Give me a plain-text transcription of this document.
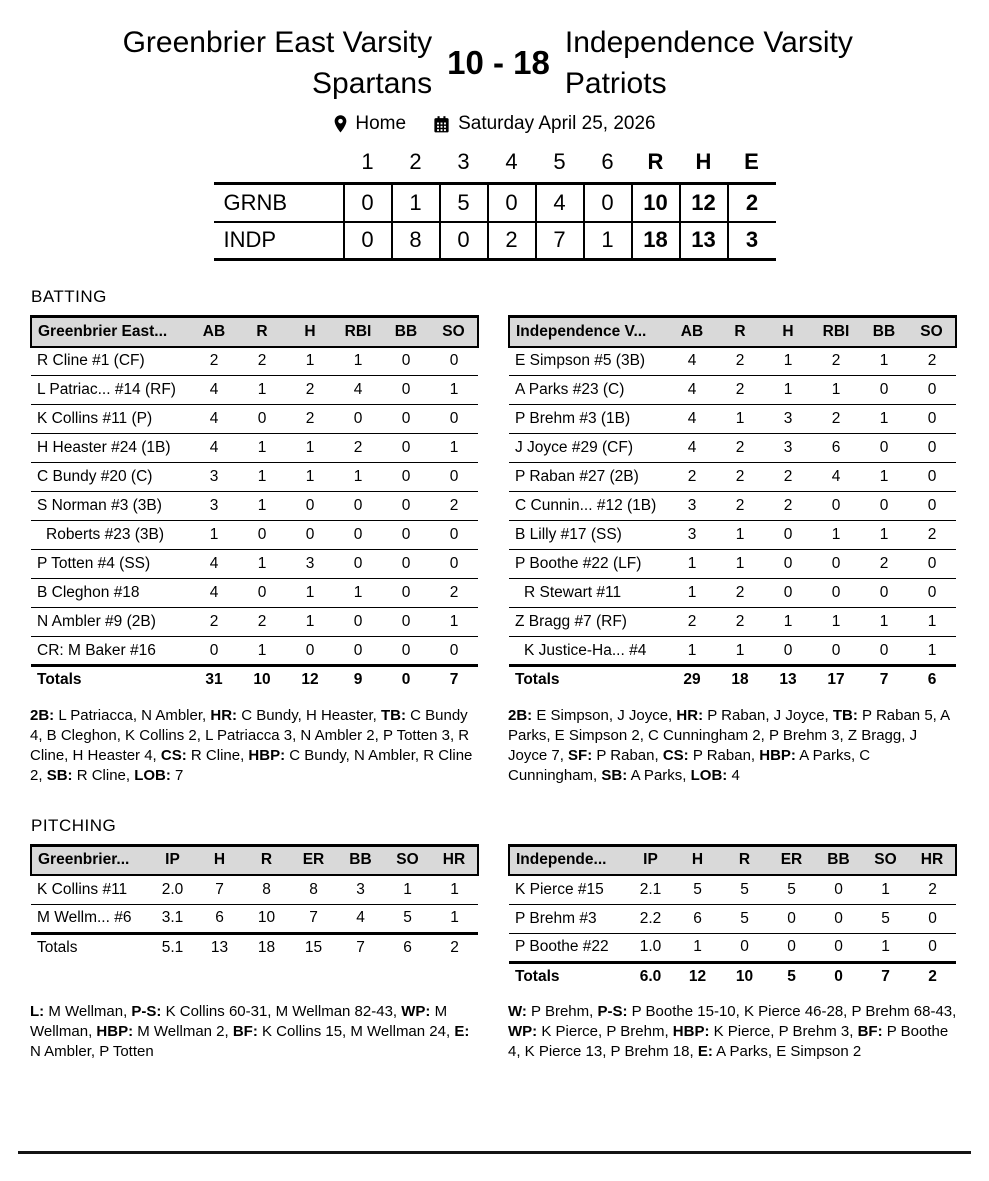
Greenbrier East Varsity Spartans
10 - 18
Independence Varsity Patriots
Home	Saturday April 25, 2026
	1	2	3	4	5	6	R	H	E
GRNB	0	1	5	0	4	0	10	12	2
INDP	0	8	0	2	7	1	18	13	3
BATTING
Greenbrier East...	AB	R	H	RBI	BB	SO
R Cline #1 (CF)	2	2	1	1	0	0
L Patriac... #14 (RF)	4	1	2	4	0	1
K Collins #11 (P)	4	0	2	0	0	0
H Heaster #24 (1B)	4	1	1	2	0	1
C Bundy #20 (C)	3	1	1	1	0	0
S Norman #3 (3B)	3	1	0	0	0	2
Roberts #23 (3B)	1	0	0	0	0	0
P Totten #4 (SS)	4	1	3	0	0	0
B Cleghon #18	4	0	1	1	0	2
N Ambler #9 (2B)	2	2	1	0	0	1
CR: M Baker #16	0	1	0	0	0	0
Totals	31	10	12	9	0	7
Independence V...	AB	R	H	RBI	BB	SO
E Simpson #5 (3B)	4	2	1	2	1	2
A Parks #23 (C)	4	2	1	1	0	0
P Brehm #3 (1B)	4	1	3	2	1	0
J Joyce #29 (CF)	4	2	3	6	0	0
P Raban #27 (2B)	2	2	2	4	1	0
C Cunnin... #12 (1B)	3	2	2	0	0	0
B Lilly #17 (SS)	3	1	0	1	1	2
P Boothe #22 (LF)	1	1	0	0	2	0
R Stewart #11	1	2	0	0	0	0
Z Bragg #7 (RF)	2	2	1	1	1	1
K Justice-Ha... #4	1	1	0	0	0	1
Totals	29	18	13	17	7	6
2B: L Patriacca, N Ambler, HR: C Bundy, H Heaster, TB: C Bundy 4, B Cleghon, K Collins 2, L Patriacca 3, N Ambler 2, P Totten 3, R Cline, H Heaster 4, CS: R Cline, HBP: C Bundy, N Ambler, R Cline 2, SB: R Cline, LOB: 7
2B: E Simpson, J Joyce, HR: P Raban, J Joyce, TB: P Raban 5, A Parks, E Simpson 2, C Cunningham 2, P Brehm 3, Z Bragg, J Joyce 7, SF: P Raban, CS: P Raban, HBP: A Parks, C Cunningham, SB: A Parks, LOB: 4
PITCHING
Greenbrier...	IP	H	R	ER	BB	SO	HR
K Collins #11	2.0	7	8	8	3	1	1
M Wellm... #6	3.1	6	10	7	4	5	1
Totals	5.1	13	18	15	7	6	2
Independe...	IP	H	R	ER	BB	SO	HR
K Pierce #15	2.1	5	5	5	0	1	2
P Brehm #3	2.2	6	5	0	0	5	0
P Boothe #22	1.0	1	0	0	0	1	0
Totals	6.0	12	10	5	0	7	2
L: M Wellman, P-S: K Collins 60-31, M Wellman 82-43, WP: M Wellman, HBP: M Wellman 2, BF: K Collins 15, M Wellman 24, E: N Ambler, P Totten
W: P Brehm, P-S: P Boothe 15-10, K Pierce 46-28, P Brehm 68-43, WP: K Pierce, P Brehm, HBP: K Pierce, P Brehm 3, BF: P Boothe 4, K Pierce 13, P Brehm 18, E: A Parks, E Simpson 2
